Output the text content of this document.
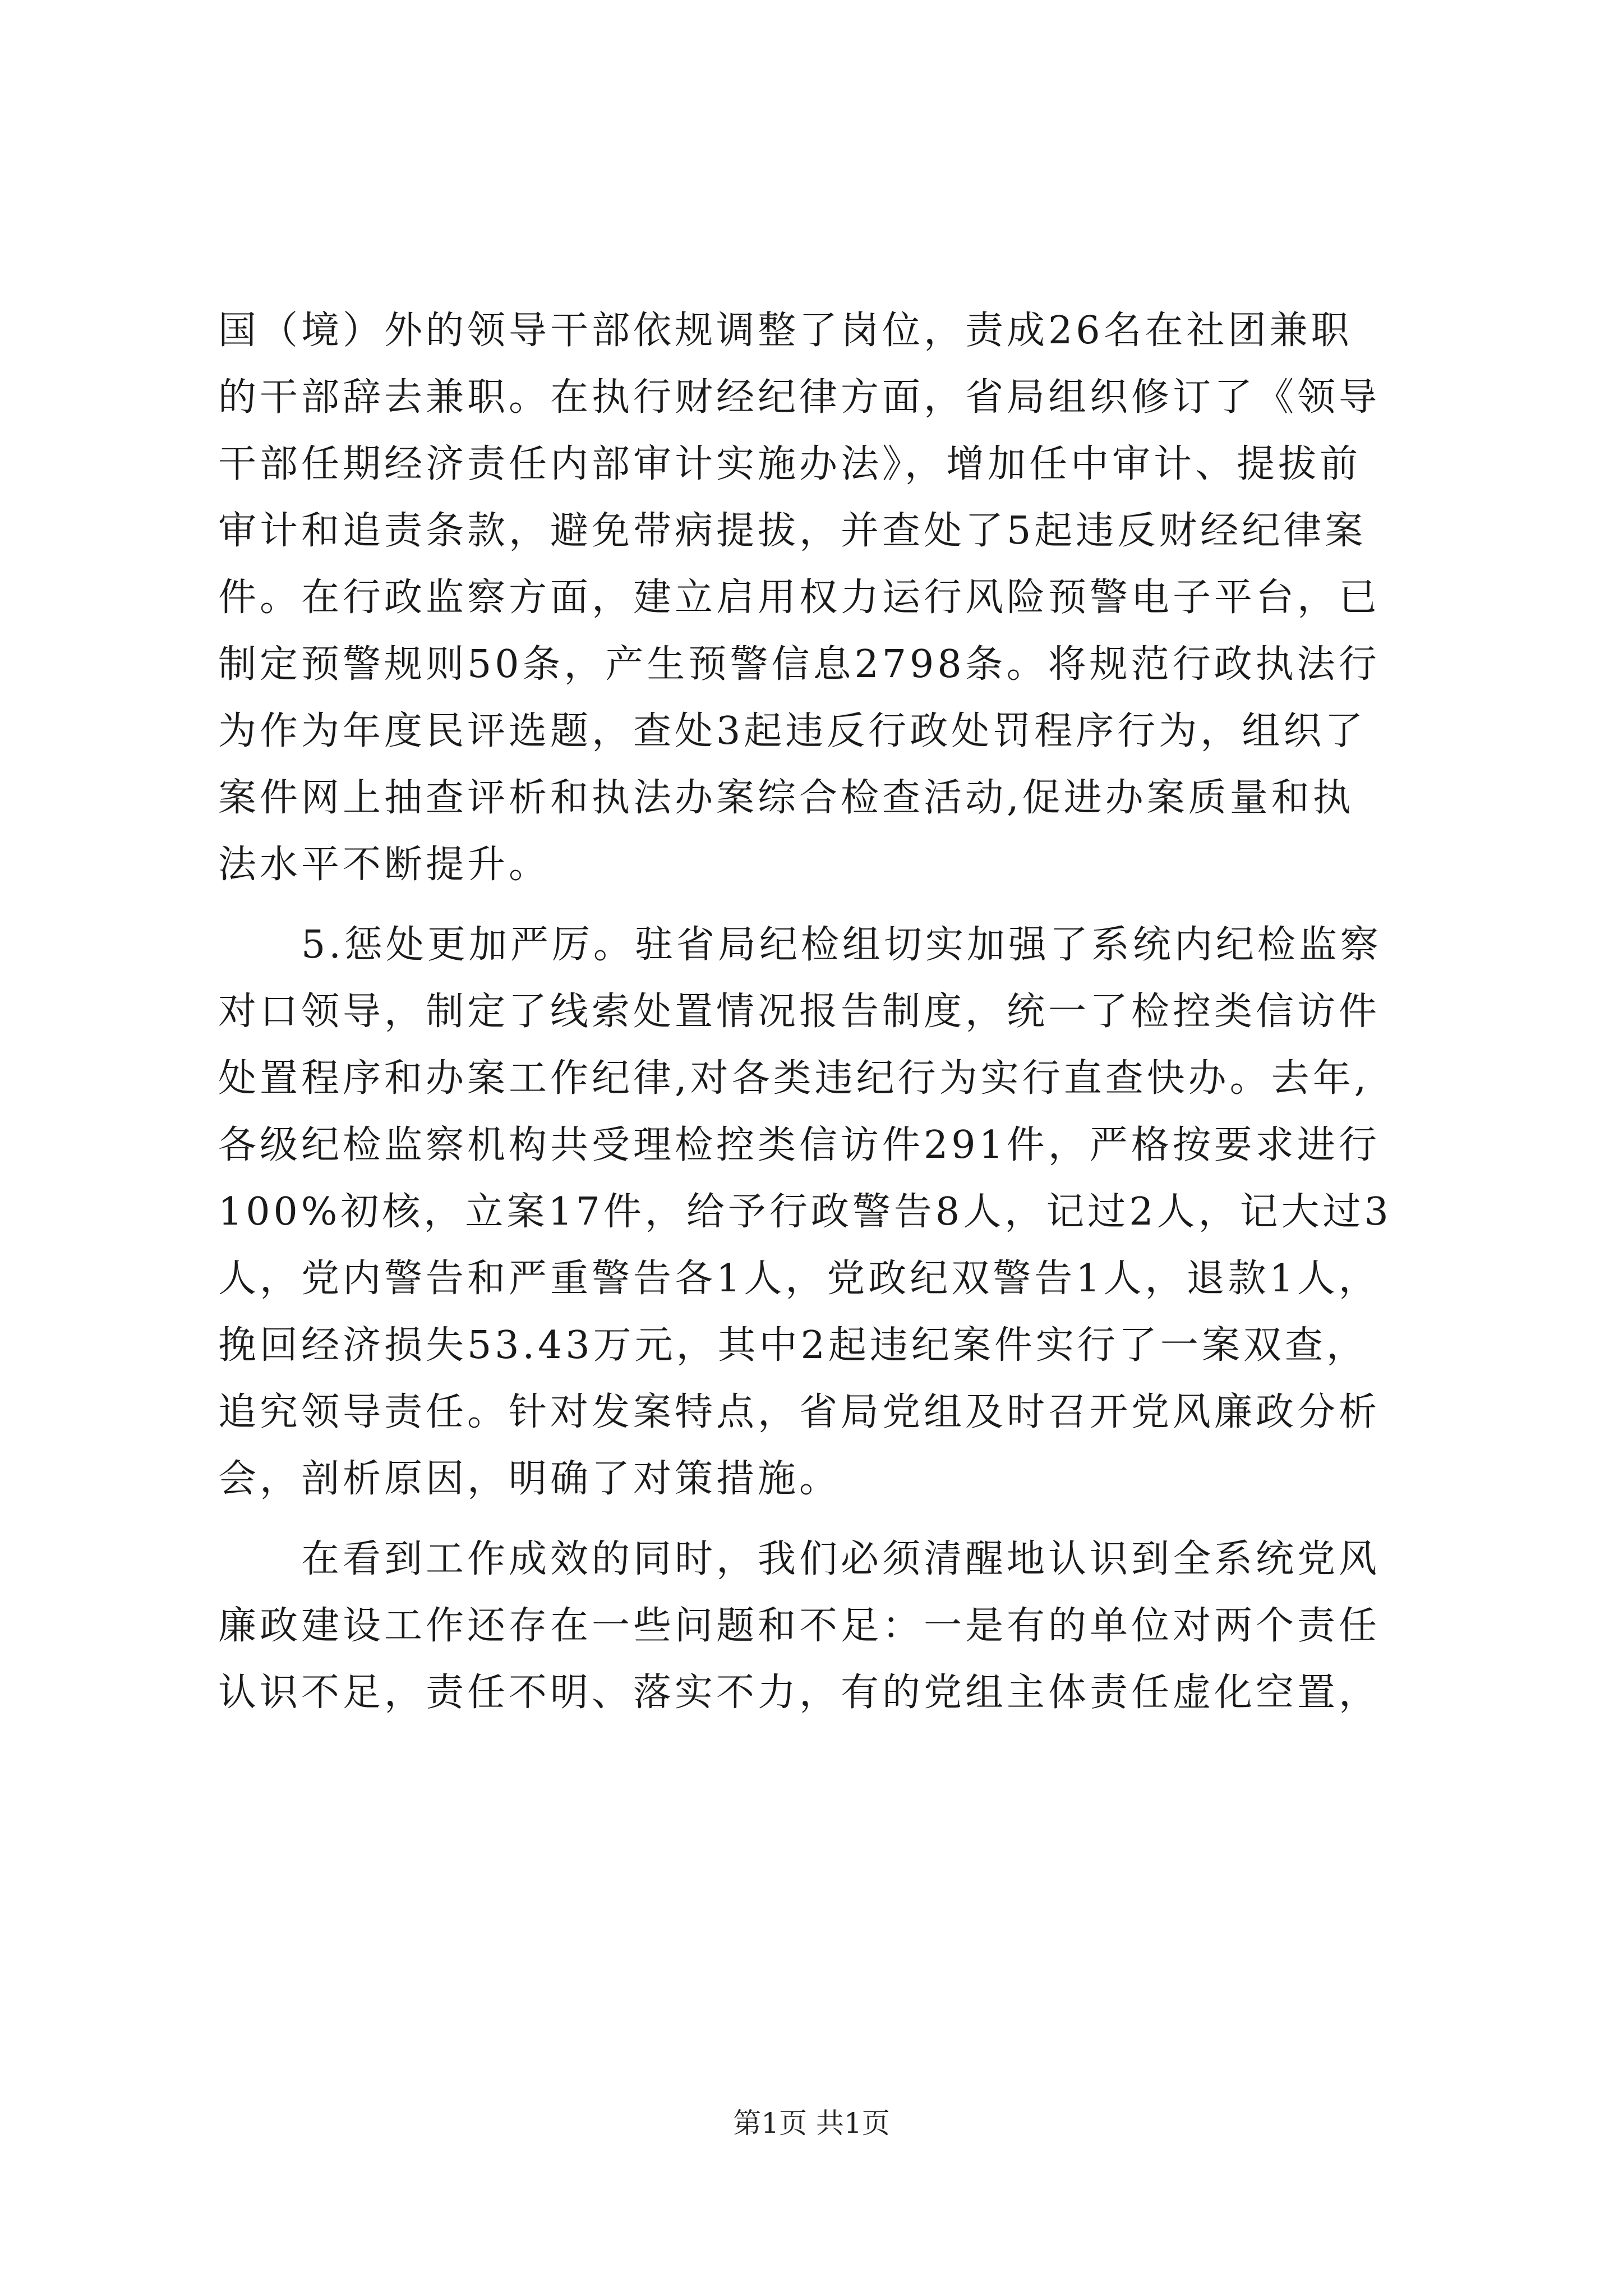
国（境）外的领导干部依规调整了岗位，责成26名在社团兼职
的干部辞去兼职。在执行财经纪律方面，省局组织修订了《领导
干部任期经济责任内部审计实施办法》，增加任中审计、提拔前
审计和追责条款，避免带病提拔，并查处了5起违反财经纪律案
件。在行政监察方面，建立启用权力运行风险预警电子平台，已
制定预警规则50条，产生预警信息2798条。将规范行政执法行
为作为年度民评选题，查处3起违反行政处罚程序行为，组织了
案件网上抽查评析和执法办案综合检查活动,促进办案质量和执
法水平不断提升。
　　5.惩处更加严厉。驻省局纪检组切实加强了系统内纪检监察
对口领导，制定了线索处置情况报告制度，统一了检控类信访件
处置程序和办案工作纪律,对各类违纪行为实行直查快办。去年,
各级纪检监察机构共受理检控类信访件291件，严格按要求进行
100%初核，立案17件，给予行政警告8人，记过2人，记大过3
人，党内警告和严重警告各1人，党政纪双警告1人，退款1人，
挽回经济损失53.43万元，其中2起违纪案件实行了一案双查，
追究领导责任。针对发案特点，省局党组及时召开党风廉政分析
会，剖析原因，明确了对策措施。
　　在看到工作成效的同时，我们必须清醒地认识到全系统党风
廉政建设工作还存在一些问题和不足：一是有的单位对两个责任
认识不足，责任不明、落实不力，有的党组主体责任虚化空置，
第1页 共1页
